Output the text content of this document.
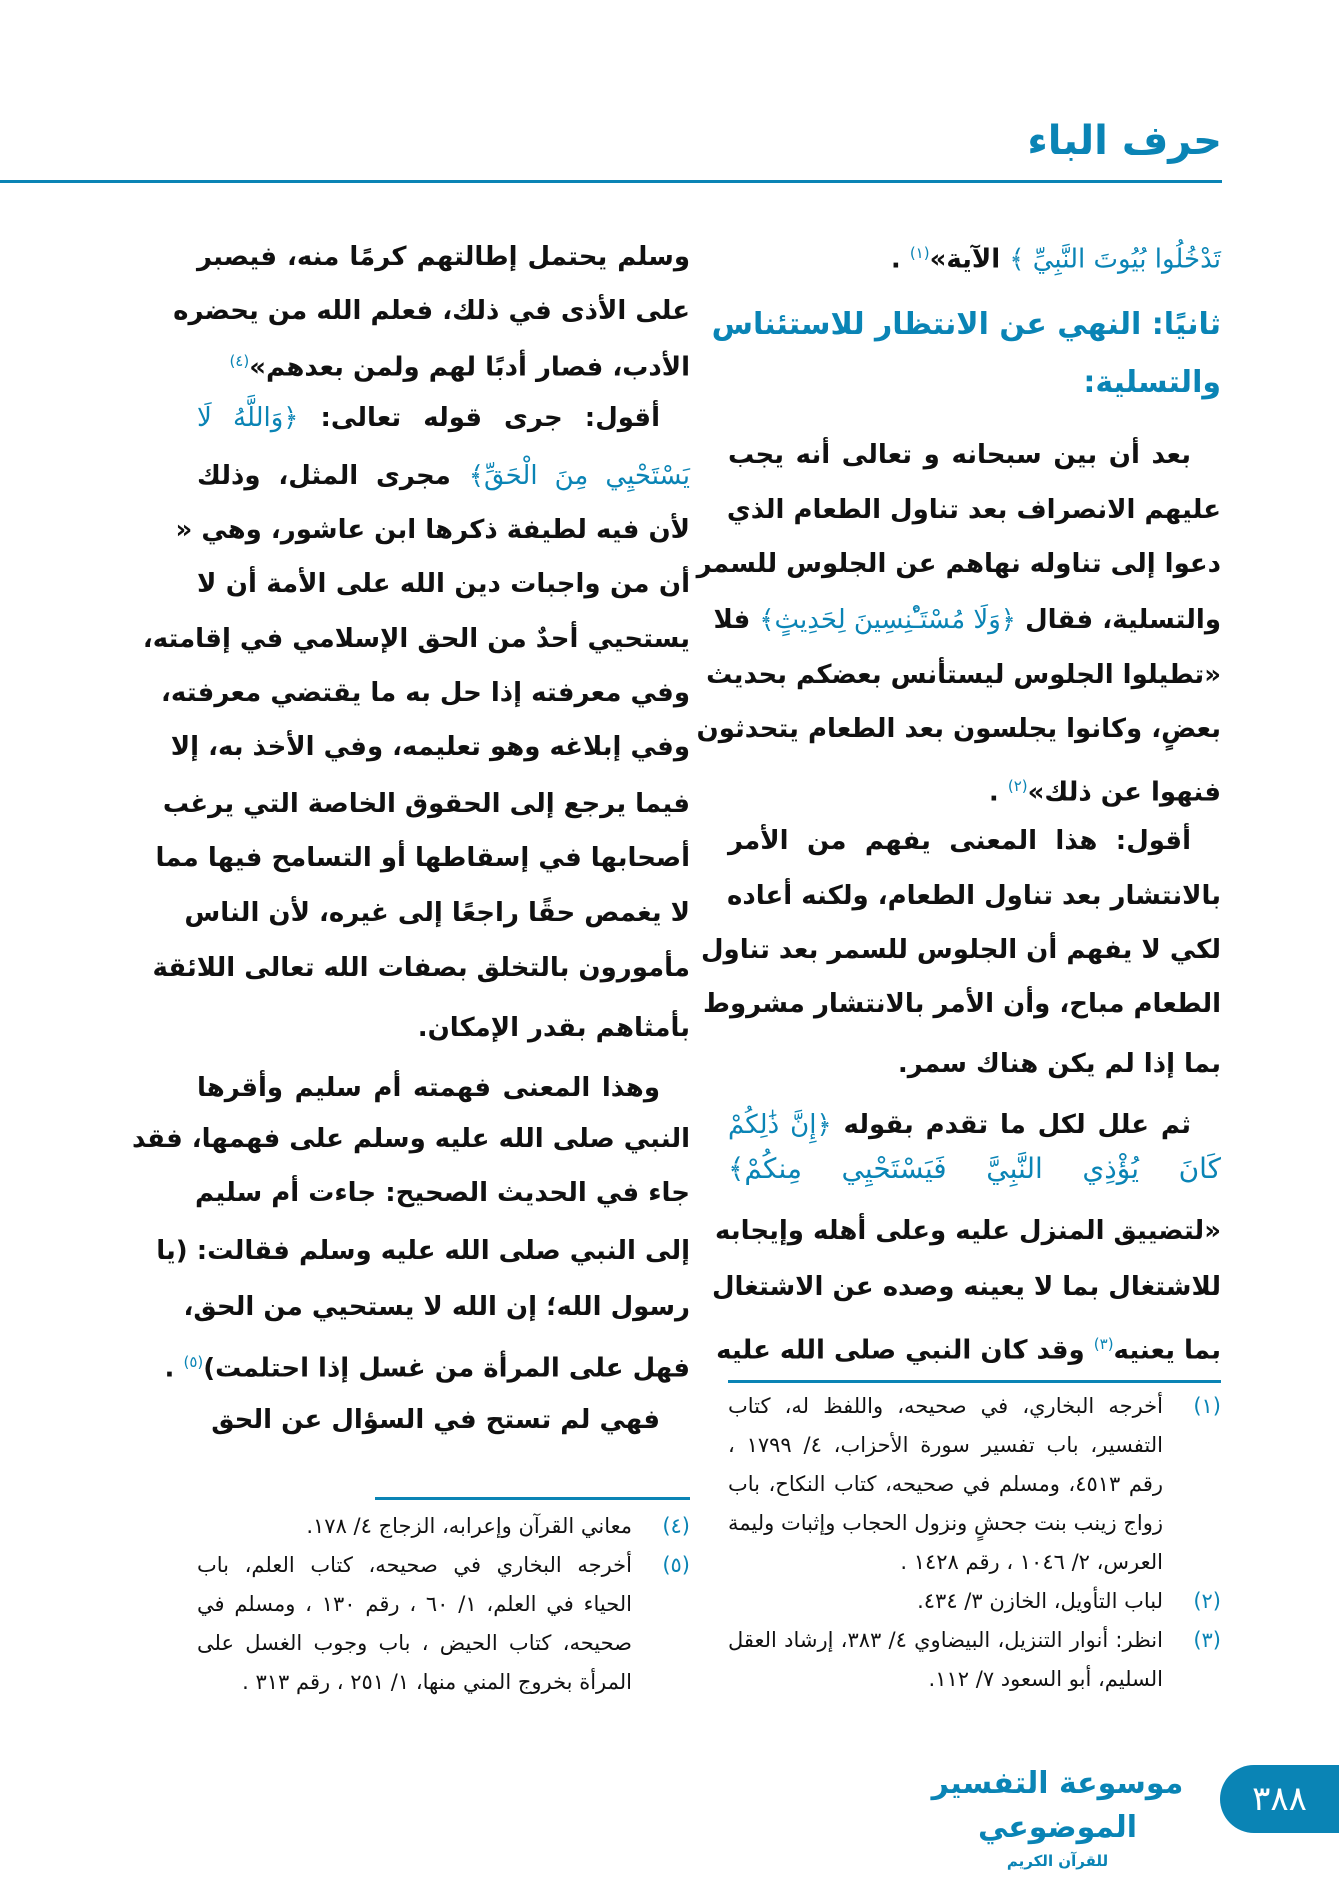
حرف الباء
تَدْخُلُوا بُيُوتَ النَّبِيِّ ﴾ الآية»$^{(١)}$ .
ثانيًا: النهي عن الانتظار للاستئناس
والتسلية:
بعد أن بين سبحانه و تعالى أنه يجب
عليهم الانصراف بعد تناول الطعام الذي
دعوا إلى تناوله نهاهم عن الجلوس للسمر
والتسلية، فقال ﴿وَلَا مُسْتَـْٔنِسِينَ لِحَدِيثٍ﴾ فلا
«تطيلوا الجلوس ليستأنس بعضكم بحديث
بعضٍ، وكانوا يجلسون بعد الطعام يتحدثون
فنهوا عن ذلك»$^{(٢)}$ .
أقول: هذا المعنى يفهم من الأمر
بالانتشار بعد تناول الطعام، ولكنه أعاده
لكي لا يفهم أن الجلوس للسمر بعد تناول
الطعام مباح، وأن الأمر بالانتشار مشروط
بما إذا لم يكن هناك سمر.
ثم علل لكل ما تقدم بقوله ﴿إِنَّ ذَٰلِكُمْ
كَانَ يُؤْذِي النَّبِيَّ فَيَسْتَحْيِي مِنكُمْ﴾
«لتضييق المنزل عليه وعلى أهله وإيجابه
للاشتغال بما لا يعينه وصده عن الاشتغال
بما يعنيه$^{(٣)}$ وقد كان النبي صلى الله عليه
وسلم يحتمل إطالتهم كرمًا منه، فيصبر
على الأذى في ذلك، فعلم الله من يحضره
الأدب، فصار أدبًا لهم ولمن بعدهم»$^{(٤)}$
أقول: جرى قوله تعالى: ﴿وَاللَّهُ لَا
يَسْتَحْيِي مِنَ الْحَقِّ﴾ مجرى المثل، وذلك
لأن فيه لطيفة ذكرها ابن عاشور، وهي «
أن من واجبات دين الله على الأمة أن لا
يستحيي أحدٌ من الحق الإسلامي في إقامته،
وفي معرفته إذا حل به ما يقتضي معرفته،
وفي إبلاغه وهو تعليمه، وفي الأخذ به، إلا
فيما يرجع إلى الحقوق الخاصة التي يرغب
أصحابها في إسقاطها أو التسامح فيها مما
لا يغمص حقًا راجعًا إلى غيره، لأن الناس
مأمورون بالتخلق بصفات الله تعالى اللائقة
بأمثاهم بقدر الإمكان.
وهذا المعنى فهمته أم سليم وأقرها
النبي صلى الله عليه وسلم على فهمها، فقد
جاء في الحديث الصحيح: جاءت أم سليم
إلى النبي صلى الله عليه وسلم فقالت: (يا
رسول الله؛ إن الله لا يستحيي من الحق،
فهل على المرأة من غسل إذا احتلمت)$^{(٥)}$ .
فهي لم تستح في السؤال عن الحق	(١)
أخرجه البخاري، في صحيحه، واللفظ له، كتاب التفسير، باب تفسير سورة الأحزاب، ٤/ ١٧٩٩ ، رقم ٤٥١٣، ومسلم في صحيحه، كتاب النكاح، باب زواج زينب بنت جحشٍ ونزول الحجاب وإثبات وليمة العرس، ٢/ ١٠٤٦ ، رقم ١٤٢٨ .
(٢)
لباب التأويل، الخازن ٣/ ٤٣٤.
(٣)
انظر: أنوار التنزيل، البيضاوي ٤/ ٣٨٣، إرشاد العقل السليم، أبو السعود ٧/ ١١٢.
(٤)
معاني القرآن وإعرابه، الزجاج ٤/ ١٧٨.
(٥)
أخرجه البخاري في صحيحه، كتاب العلم، باب الحياء في العلم، ١/ ٦٠ ، رقم ١٣٠ ، ومسلم في صحيحه، كتاب الحيض ، باب وجوب الغسل على المرأة بخروج المني منها، ١/ ٢٥١ ، رقم ٣١٣ .
موسوعة التفسير الموضوعي
للقرآن الكريم
٣٨٨
